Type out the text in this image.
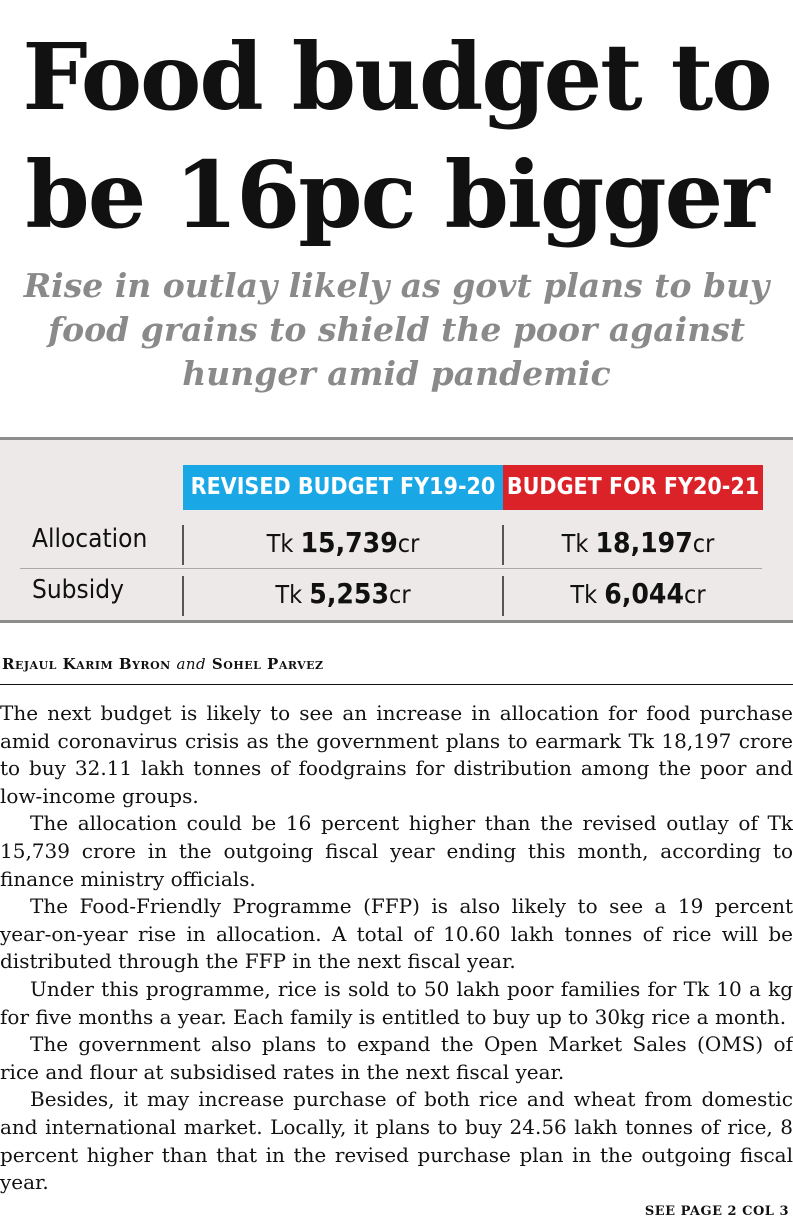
Food budget to
be 16pc bigger
Rise in outlay likely as govt plans to buy
food grains to shield the poor against
hunger amid pandemic
REVISED BUDGET FY19-20 BUDGET FOR FY20-21
Allocation
Subsidy
Tk 15,739cr	Tk 18,197cr
Tk 5,253cr	Tk 6,044cr
Rejaul Karim Byron and Sohel Parvez

The next budget is likely to see an increase in allocation for food purchase amid coronavirus crisis as the government plans to earmark Tk 18,197 crore to buy 32.11 lakh tonnes of foodgrains for distribution among the poor and low-income groups.

The allocation could be 16 percent higher than the revised outlay of Tk 15,739 crore in the outgoing fiscal year ending this month, according to finance ministry officials.

The Food-Friendly Programme (FFP) is also likely to see a 19 percent year-on-year rise in allocation. A total of 10.60 lakh tonnes of rice will be distributed through the FFP in the next fiscal year.

Under this programme, rice is sold to 50 lakh poor families for Tk 10 a kg for five months a year. Each family is entitled to buy up to 30kg rice a month.

The government also plans to expand the Open Market Sales (OMS) of rice and flour at subsidised rates in the next fiscal year.

Besides, it may increase purchase of both rice and wheat from domestic and international market. Locally, it plans to buy 24.56 lakh tonnes of rice, 8 percent higher than that in the revised purchase plan in the outgoing fiscal year.

SEE PAGE 2 COL 3
